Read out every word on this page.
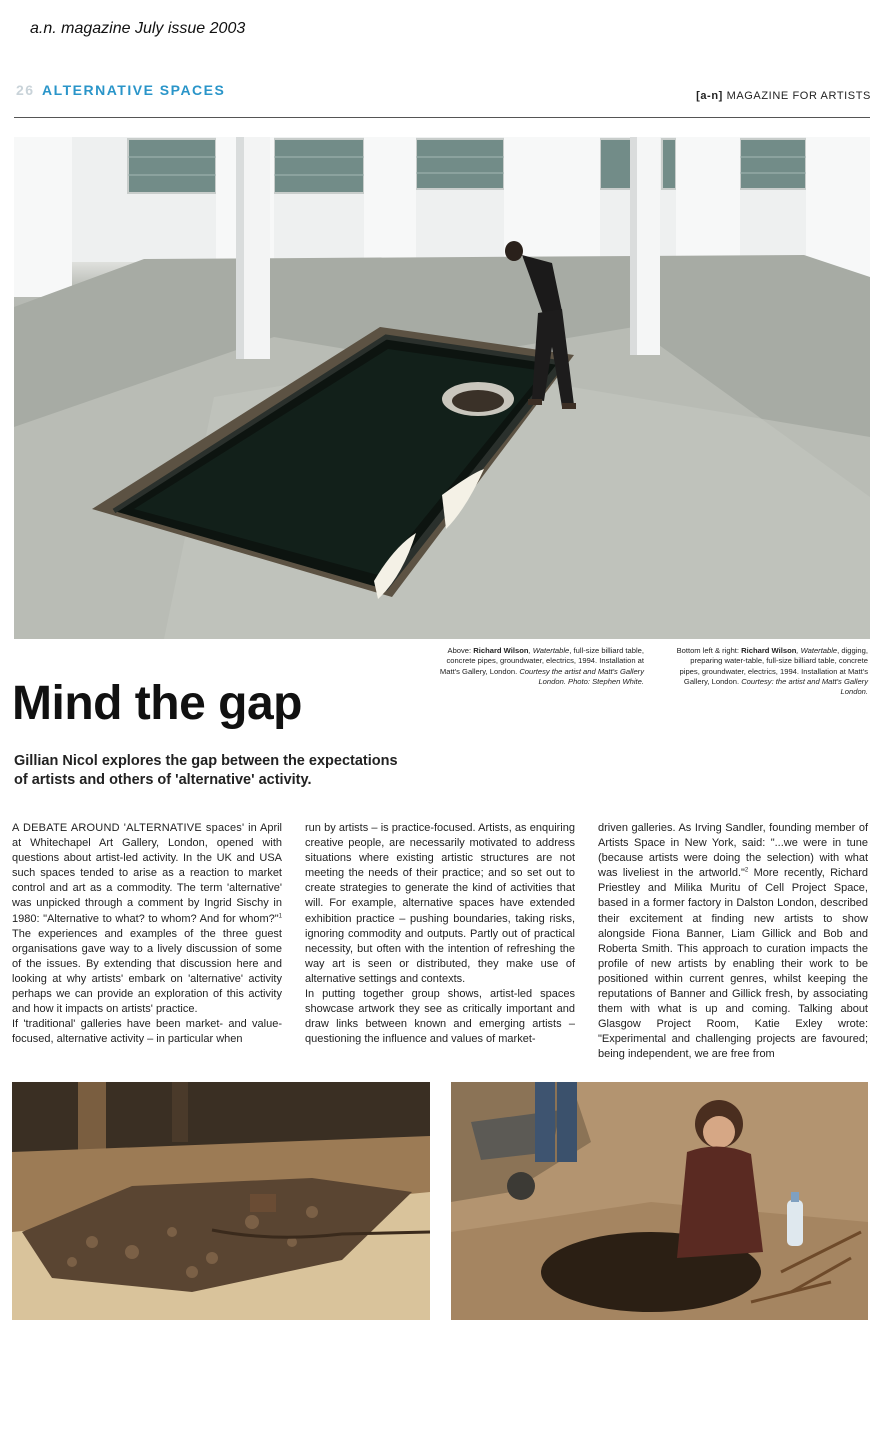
a.n. magazine July issue 2003
26 ALTERNATIVE SPACES	[a-n] MAGAZINE FOR ARTISTS
Above: Richard Wilson, Watertable, full-size billiard table, concrete pipes, groundwater, electrics, 1994. Installation at Matt's Gallery, London. Courtesy the artist and Matt's Gallery London. Photo: Stephen White.
Bottom left & right: Richard Wilson, Watertable, digging, preparing water-table, full-size billiard table, concrete pipes, groundwater, electrics, 1994. Installation at Matt's Gallery, London. Courtesy: the artist and Matt's Gallery London.
Mind the gap
Gillian Nicol explores the gap between the expectations of artists and others of 'alternative' activity.

A DEBATE AROUND 'ALTERNATIVE spaces' in April at Whitechapel Art Gallery, London, opened with questions about artist-led activity. In the UK and USA such spaces tended to arise as a reaction to market control and art as a commodity. The term 'alternative' was unpicked through a comment by Ingrid Sischy in 1980: "Alternative to what? to whom? And for whom?"$^1$ The experiences and examples of the three guest organisations gave way to a lively discussion of some of the issues. By extending that discussion here and looking at why artists' embark on 'alternative' activity perhaps we can provide an exploration of this activity and how it impacts on artists' practice.

If 'traditional' galleries have been market- and value-focused, alternative activity – in particular when

run by artists – is practice-focused. Artists, as enquiring creative people, are necessarily motivated to address situations where existing artistic structures are not meeting the needs of their practice; and so set out to create strategies to generate the kind of activities that will. For example, alternative spaces have extended exhibition practice – pushing boundaries, taking risks, ignoring commodity and outputs. Partly out of practical necessity, but often with the intention of refreshing the way art is seen or distributed, they make use of alternative settings and contexts.

In putting together group shows, artist-led spaces showcase artwork they see as critically important and draw links between known and emerging artists – questioning the influence and values of market-

driven galleries. As Irving Sandler, founding member of Artists Space in New York, said: "...we were in tune (because artists were doing the selection) with what was liveliest in the artworld."$^2$ More recently, Richard Priestley and Milika Muritu of Cell Project Space, based in a former factory in Dalston London, described their excitement at finding new artists to show alongside Fiona Banner, Liam Gillick and Bob and Roberta Smith. This approach to curation impacts the profile of new artists by enabling their work to be positioned within current genres, whilst keeping the reputations of Banner and Gillick fresh, by associating them with what is up and coming. Talking about Glasgow Project Room, Katie Exley wrote: "Experimental and challenging projects are favoured; being independent, we are free from
